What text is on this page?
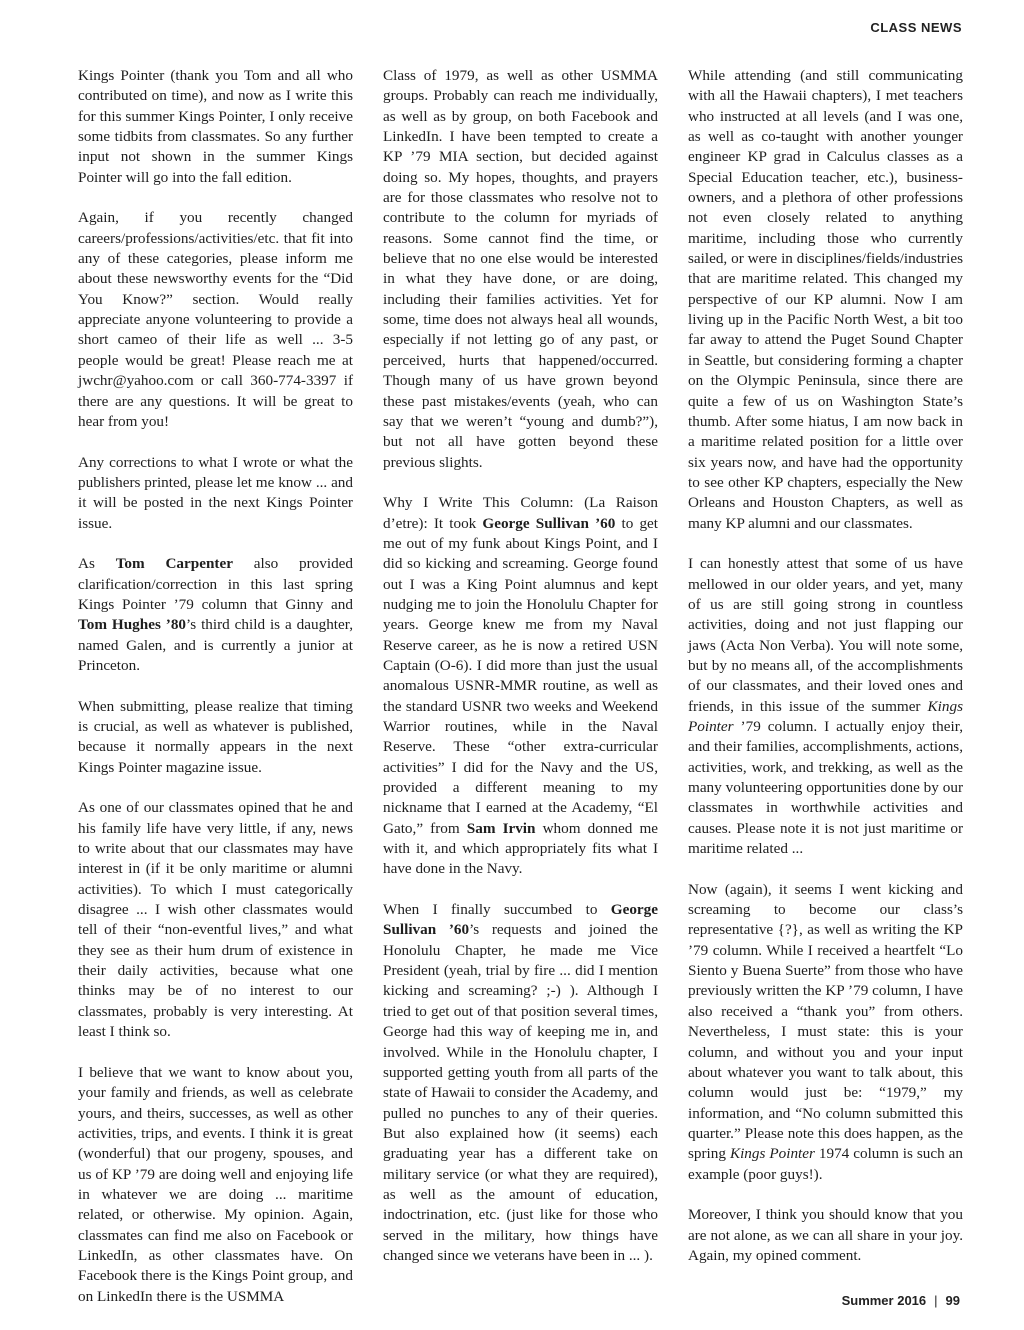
CLASS NEWS

Kings Pointer (thank you Tom and all who contributed on time), and now as I write this for this summer Kings Pointer, I only receive some tidbits from classmates. So any further input not shown in the summer Kings Pointer will go into the fall edition.

Again, if you recently changed careers/professions/activities/etc. that fit into any of these categories, please inform me about these newsworthy events for the “Did You Know?” section. Would really appreciate anyone volunteering to provide a short cameo of their life as well ... 3-5 people would be great! Please reach me at jwchr@yahoo.com or call 360-774-3397 if there are any questions. It will be great to hear from you!

Any corrections to what I wrote or what the publishers printed, please let me know ... and it will be posted in the next Kings Pointer issue.

As Tom Carpenter also provided clarification/correction in this last spring Kings Pointer ’79 column that Ginny and Tom Hughes ’80’s third child is a daughter, named Galen, and is currently a junior at Princeton.

When submitting, please realize that timing is crucial, as well as whatever is published, because it normally appears in the next Kings Pointer magazine issue.

As one of our classmates opined that he and his family life have very little, if any, news to write about that our classmates may have interest in (if it be only maritime or alumni activities). To which I must categorically disagree ... I wish other classmates would tell of their “non-eventful lives,” and what they see as their hum drum of existence in their daily activities, because what one thinks may be of no interest to our classmates, probably is very interesting. At least I think so.

I believe that we want to know about you, your family and friends, as well as celebrate yours, and theirs, successes, as well as other activities, trips, and events. I think it is great (wonderful) that our progeny, spouses, and us of KP ’79 are doing well and enjoying life in whatever we are doing ... maritime related, or otherwise. My opinion. Again, classmates can find me also on Facebook or LinkedIn, as other classmates have. On Facebook there is the Kings Point group, and on LinkedIn there is the USMMA

Class of 1979, as well as other USMMA groups. Probably can reach me individually, as well as by group, on both Facebook and LinkedIn. I have been tempted to create a KP ’79 MIA section, but decided against doing so. My hopes, thoughts, and prayers are for those classmates who resolve not to contribute to the column for myriads of reasons. Some cannot find the time, or believe that no one else would be interested in what they have done, or are doing, including their families activities. Yet for some, time does not always heal all wounds, especially if not letting go of any past, or perceived, hurts that happened/occurred. Though many of us have grown beyond these past mistakes/events (yeah, who can say that we weren’t “young and dumb?”), but not all have gotten beyond these previous slights.

Why I Write This Column: (La Raison d’etre): It took George Sullivan ’60 to get me out of my funk about Kings Point, and I did so kicking and screaming. George found out I was a King Point alumnus and kept nudging me to join the Honolulu Chapter for years. George knew me from my Naval Reserve career, as he is now a retired USN Captain (O-6). I did more than just the usual anomalous USNR-MMR routine, as well as the standard USNR two weeks and Weekend Warrior routines, while in the Naval Reserve. These “other extra-curricular activities” I did for the Navy and the US, provided a different meaning to my nickname that I earned at the Academy, “El Gato,” from Sam Irvin whom donned me with it, and which appropriately fits what I have done in the Navy.

When I finally succumbed to George Sullivan ’60’s requests and joined the Honolulu Chapter, he made me Vice President (yeah, trial by fire ... did I mention kicking and screaming? ;-) ). Although I tried to get out of that position several times, George had this way of keeping me in, and involved. While in the Honolulu chapter, I supported getting youth from all parts of the state of Hawaii to consider the Academy, and pulled no punches to any of their queries. But also explained how (it seems) each graduating year has a different take on military service (or what they are required), as well as the amount of education, indoctrination, etc. (just like for those who served in the military, how things have changed since we veterans have been in ... ).

While attending (and still communicating with all the Hawaii chapters), I met teachers who instructed at all levels (and I was one, as well as co-taught with another younger engineer KP grad in Calculus classes as a Special Education teacher, etc.), business-owners, and a plethora of other professions not even closely related to anything maritime, including those who currently sailed, or were in disciplines/fields/industries that are maritime related. This changed my perspective of our KP alumni. Now I am living up in the Pacific North West, a bit too far away to attend the Puget Sound Chapter in Seattle, but considering forming a chapter on the Olympic Peninsula, since there are quite a few of us on Washington State’s thumb. After some hiatus, I am now back in a maritime related position for a little over six years now, and have had the opportunity to see other KP chapters, especially the New Orleans and Houston Chapters, as well as many KP alumni and our classmates.

I can honestly attest that some of us have mellowed in our older years, and yet, many of us are still going strong in countless activities, doing and not just flapping our jaws (Acta Non Verba). You will note some, but by no means all, of the accomplishments of our classmates, and their loved ones and friends, in this issue of the summer Kings Pointer ’79 column. I actually enjoy their, and their families, accomplishments, actions, activities, work, and trekking, as well as the many volunteering opportunities done by our classmates in worthwhile activities and causes. Please note it is not just maritime or maritime related ...

Now (again), it seems I went kicking and screaming to become our class’s representative {?}, as well as writing the KP ’79 column. While I received a heartfelt “Lo Siento y Buena Suerte” from those who have previously written the KP ’79 column, I have also received a “thank you” from others. Nevertheless, I must state: this is your column, and without you and your input about whatever you want to talk about, this column would just be: “1979,” my information, and “No column submitted this quarter.” Please note this does happen, as the spring Kings Pointer 1974 column is such an example (poor guys!).

Moreover, I think you should know that you are not alone, as we can all share in your joy. Again, my opined comment.

Summer 2016 | 99
